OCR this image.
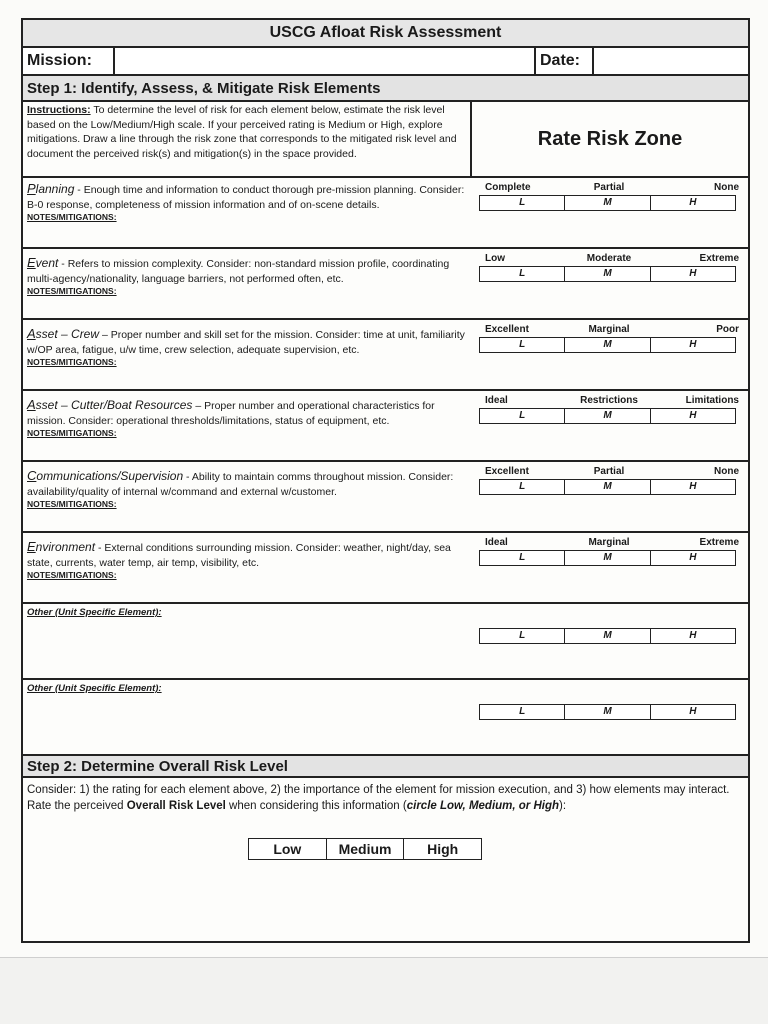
USCG Afloat Risk Assessment
Mission:	Date:
Step 1: Identify, Assess, & Mitigate Risk Elements
Instructions: To determine the level of risk for each element below, estimate the risk level based on the Low/Medium/High scale. If your perceived rating is Medium or High, explore mitigations. Draw a line through the risk zone that corresponds to the mitigated risk level and document the perceived risk(s) and mitigation(s) in the space provided.
Rate Risk Zone
Planning - Enough time and information to conduct thorough pre-mission planning. Consider: B-0 response, completeness of mission information and of on-scene details.
NOTES/MITIGATIONS:
Complete	Partial	None
L	M	H
Event - Refers to mission complexity. Consider: non-standard mission profile, coordinating multi-agency/nationality, language barriers, not performed often, etc.
NOTES/MITIGATIONS:
Low	Moderate	Extreme
L	M	H
Asset – Crew – Proper number and skill set for the mission. Consider: time at unit, familiarity w/OP area, fatigue, u/w time, crew selection, adequate supervision, etc.
NOTES/MITIGATIONS:
Excellent	Marginal	Poor
L	M	H
Asset – Cutter/Boat Resources – Proper number and operational characteristics for mission. Consider: operational thresholds/limitations, status of equipment, etc.
NOTES/MITIGATIONS:
Ideal	Restrictions	Limitations
L	M	H
Communications/Supervision - Ability to maintain comms throughout mission. Consider: availability/quality of internal w/command and external w/customer.
NOTES/MITIGATIONS:
Excellent	Partial	None
L	M	H
Environment - External conditions surrounding mission. Consider: weather, night/day, sea state, currents, water temp, air temp, visibility, etc.
NOTES/MITIGATIONS:
Ideal	Marginal	Extreme
L	M	H
Other (Unit Specific Element):
L	M	H
Other (Unit Specific Element):
L	M	H
Step 2: Determine Overall Risk Level
Consider: 1) the rating for each element above, 2) the importance of the element for mission execution, and 3) how elements may interact. Rate the perceived Overall Risk Level when considering this information (circle Low, Medium, or High):
Low	Medium	High
